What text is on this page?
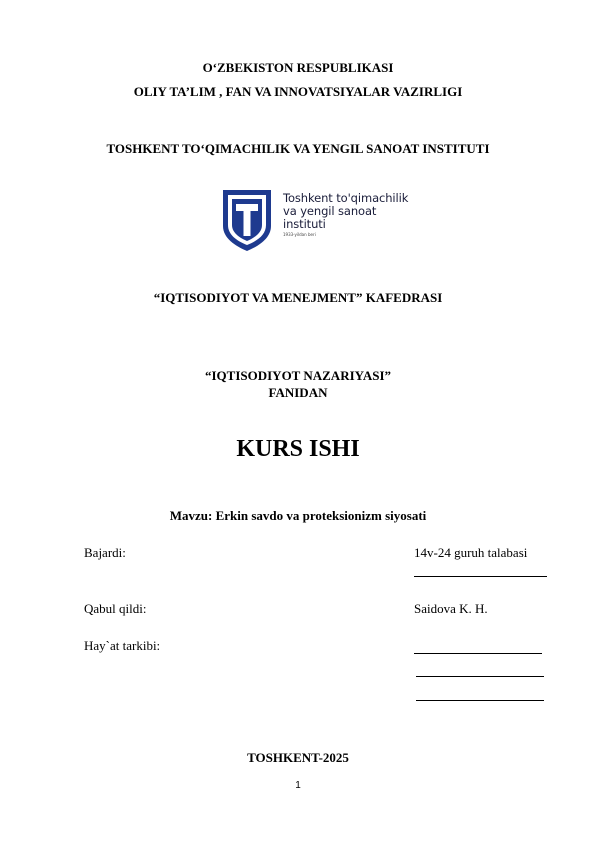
O‘ZBEKISTON RESPUBLIKASI
OLIY TA’LIM , FAN VA INNOVATSIYALAR VAZIRLIGI
TOSHKENT TO‘QIMACHILIK VA YENGIL SANOAT INSTITUTI
Toshkent to'qimachilik
va yengil sanoat
instituti
1933-yildan beri
“IQTISODIYOT VA MENEJMENT” KAFEDRASI
“IQTISODIYOT NAZARIYASI”
FANIDAN
KURS ISHI
Mavzu: Erkin savdo va proteksionizm siyosati
Bajardi:	14v-24 guruh talabasi
Qabul qildi:	Saidova K. H.
Hay`at tarkibi:
TOSHKENT-2025
1
